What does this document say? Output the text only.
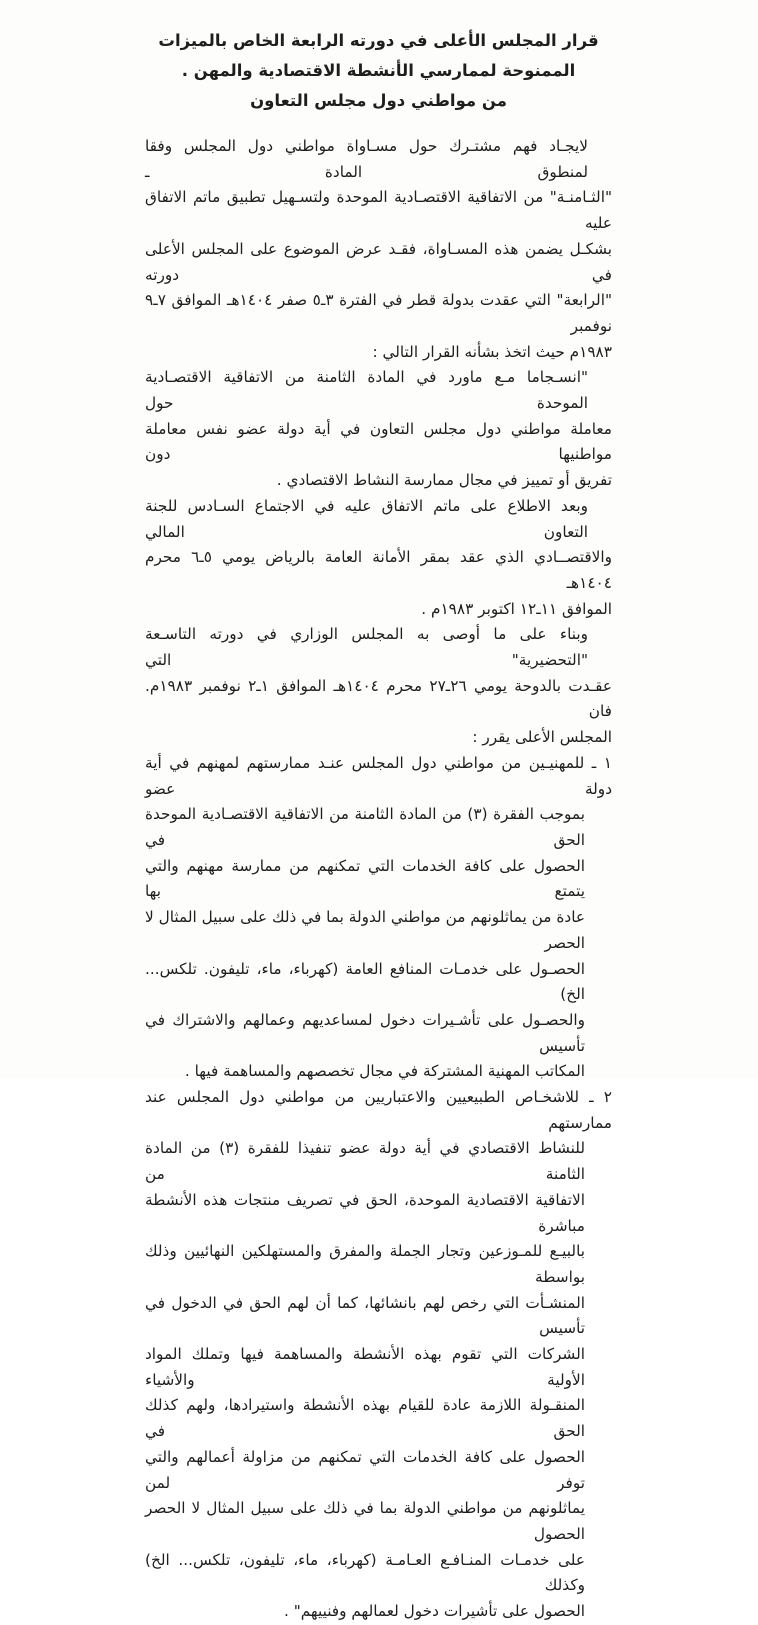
قرار المجلس الأعلى في دورته الرابعة الخاص بالميزات
الممنوحة لممارسي الأنشطة الاقتصادية والمهن .
من مواطني دول مجلس التعاون
لايجـاد فهم مشتـرك حول مسـاواة مواطني دول المجلس وفقا لمنطوق المادة ـ
"الثـامنـة" من الاتفاقية الاقتصـادية الموحدة ولتسـهيل تطبيق ماتم الاتفاق عليه
بشكـل يضمن هذه المسـاواة، فقـد عرض الموضوع على المجلس الأعلى في دورته
"الرابعة" التي عقدت بدولة قطر في الفترة ٣ـ٥ صفر ١٤٠٤هـ الموافق ٧ـ٩ نوفمبر
١٩٨٣م حيث اتخذ بشأنه القرار التالي :
"انسـجاما مـع ماورد في المادة الثامنة من الاتفاقية الاقتصـادية الموحدة حول
معاملة مواطني دول مجلس التعاون في أية دولة عضو نفس معاملة مواطنيها دون
تفريق أو تمييز في مجال ممارسة النشاط الاقتصادي .
وبعد الاطلاع على ماتم الاتفاق عليه في الاجتماع السـادس للجنة التعاون المالي
والاقتصــادي الذي عقد بمقر الأمانة العامة بالرياض يومي ٥ـ٦ محرم ١٤٠٤هـ
الموافق ١١ـ١٢ اكتوبر ١٩٨٣م .
وبناء على ما أوصى به المجلس الوزاري في دورته التاسـعة "التحضيرية" التي
عقـدت بالدوحة يومي ٢٦ـ٢٧ محرم ١٤٠٤هـ الموافق ١ـ٢ نوفمبر ١٩٨٣م. فان
المجلس الأعلى يقرر :
١ ـ للمهنيـين من مواطني دول المجلس عنـد ممارستهم لمهنهم في أية دولة عضو
بموجب الفقرة (٣) من المادة الثامنة من الاتفاقية الاقتصـادية الموحدة الحق في
الحصول على كافة الخدمات التي تمكنهم من ممارسة مهنهم والتي يتمتع بها
عادة من يماثلونهم من مواطني الدولة بما في ذلك على سبيل المثال لا الحصر
الحصـول على خدمـات المنافع العامة (كهرباء، ماء، تليفون. تلكس... الخ)
والحصـول على تأشـيرات دخول لمساعديهم وعمالهم والاشتراك في تأسيس
المكاتب المهنية المشتركة في مجال تخصصهم والمساهمة فيها .
٢ ـ للاشخـاص الطبيعيين والاعتباريين من مواطني دول المجلس عند ممارستهم
للنشاط الاقتصادي في أية دولة عضو تنفيذا للفقرة (٣) من المادة الثامنة من
الاتفاقية الاقتصادية الموحدة، الحق في تصريف منتجات هذه الأنشطة مباشرة
بالبيـع للمـوزعين وتجار الجملة والمفرق والمستهلكين النهائيين وذلك بواسطة
المنشـأت التي رخص لهم بانشائها، كما أن لهم الحق في الدخول في تأسيس
الشركات التي تقوم بهذه الأنشطة والمساهمة فيها وتملك المواد الأولية والأشياء
المنقـولة اللازمة عادة للقيام بهذه الأنشطة واستيرادها، ولهم كذلك الحق في
الحصول على كافة الخدمات التي تمكنهم من مزاولة أعمالهم والتي توفر لمن
يماثلونهم من مواطني الدولة بما في ذلك على سبيل المثال لا الحصر الحصول
على خدمـات المنـافـع العـامـة (كهرباء، ماء، تليفون، تلكس... الخ) وكذلك
الحصول على تأشيرات دخول لعمالهم وفنييهم" .
